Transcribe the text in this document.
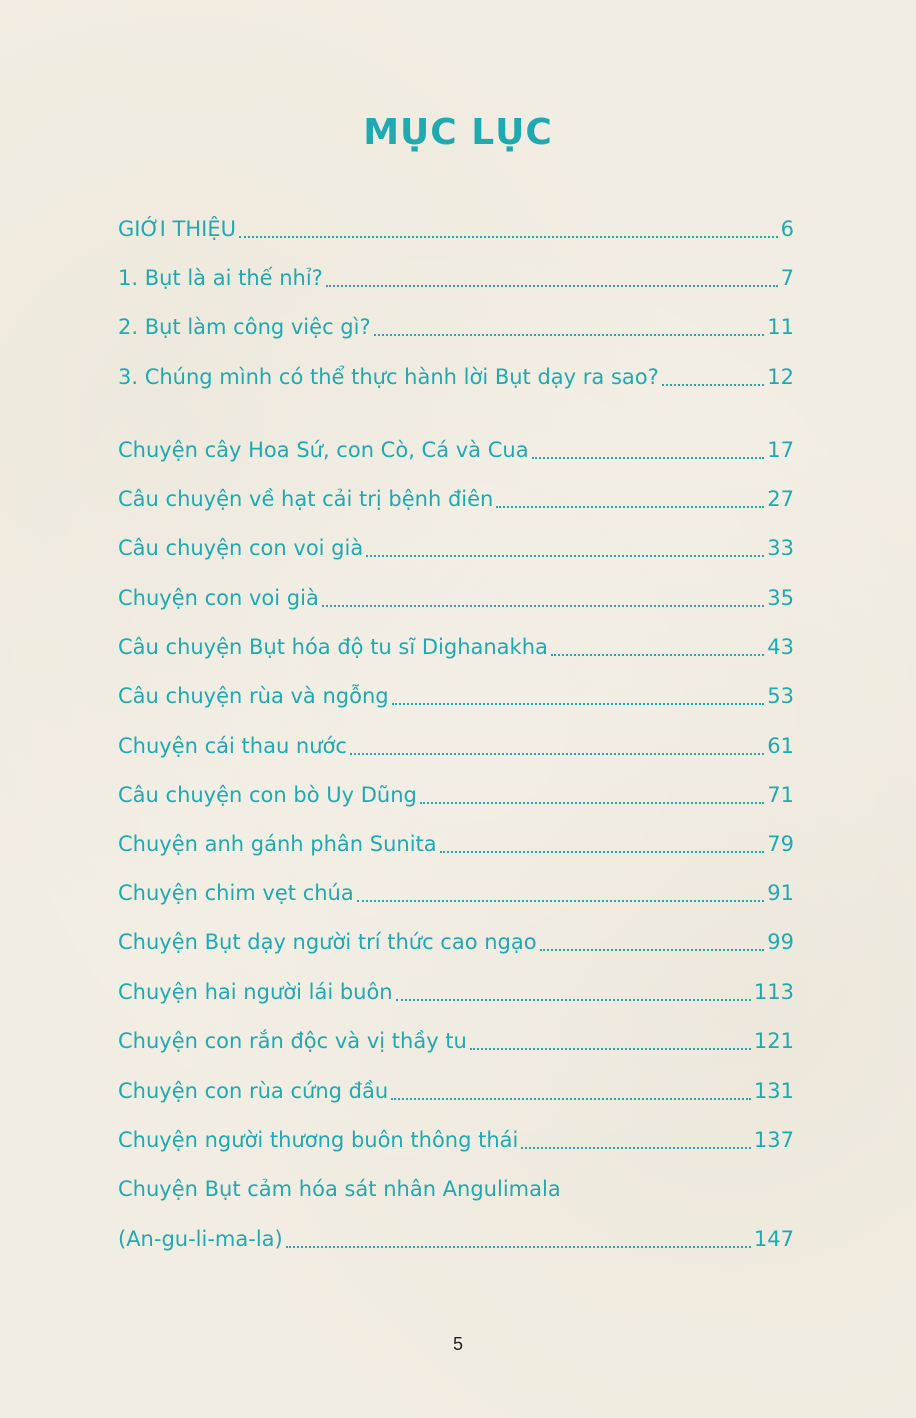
MỤC LỤC
GIỚI THIỆU	6
1. Bụt là ai thế nhỉ?	7
2. Bụt làm công việc gì?	11
3. Chúng mình có thể thực hành lời Bụt dạy ra sao?	12
Chuyện cây Hoa Sứ, con Cò, Cá và Cua	17
Câu chuyện về hạt cải trị bệnh điên	27
Câu chuyện con voi già	33
Chuyện con voi già	35
Câu chuyện Bụt hóa độ tu sĩ Dighanakha	43
Câu chuyện rùa và ngỗng	53
Chuyện cái thau nước	61
Câu chuyện con bò Uy Dũng	71
Chuyện anh gánh phân Sunita	79
Chuyện chim vẹt chúa	91
Chuyện Bụt dạy người trí thức cao ngạo	99
Chuyện hai người lái buôn	113
Chuyện con rắn độc và vị thầy tu	121
Chuyện con rùa cứng đầu	131
Chuyện người thương buôn thông thái	137
Chuyện Bụt cảm hóa sát nhân Angulimala
(An-gu-li-ma-la)	147
5
